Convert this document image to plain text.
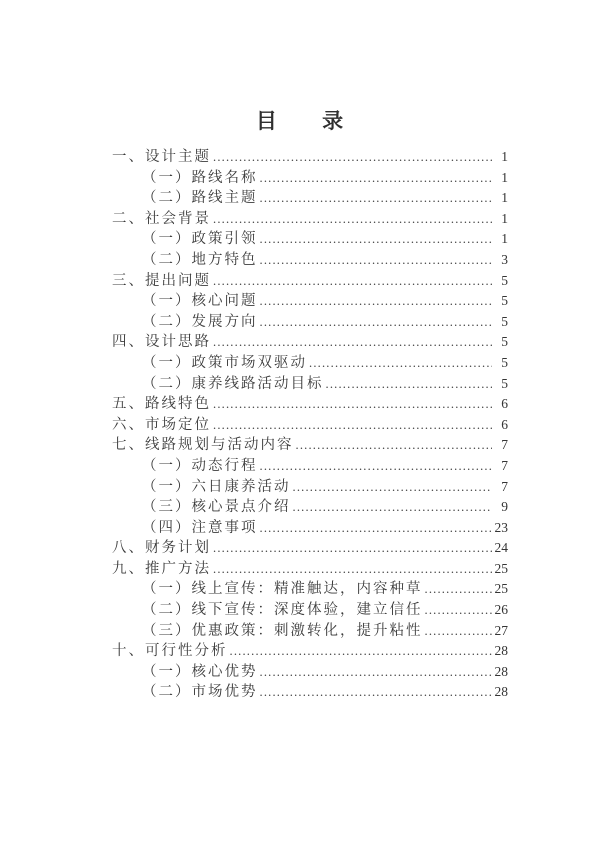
目 录
一、设计主题 .....	1
（一）路线名称 .....	1
（二）路线主题 .....	1
二、社会背景 .....	1
（一）政策引领 .....	1
（二）地方特色 .....	3
三、提出问题 .....	5
（一）核心问题 .....	5
（二）发展方向 .....	5
四、设计思路 .....	5
（一）政策市场双驱动 .....	5
（二）康养线路活动目标 .....	5
五、路线特色 .....	6
六、市场定位 .....	6
七、线路规划与活动内容 .....	7
（一）动态行程 .....	7
（一）六日康养活动 .....	7
（三）核心景点介绍 .....	9
（四）注意事项 .....	23
八、财务计划 .....	24
九、推广方法 .....	25
（一）线上宣传：精准触达，内容种草 .....	25
（二）线下宣传：深度体验，建立信任 .....	26
（三）优惠政策：刺激转化，提升粘性 .....	27
十、可行性分析 .....	28
（一）核心优势 .....	28
（二）市场优势 .....	28
